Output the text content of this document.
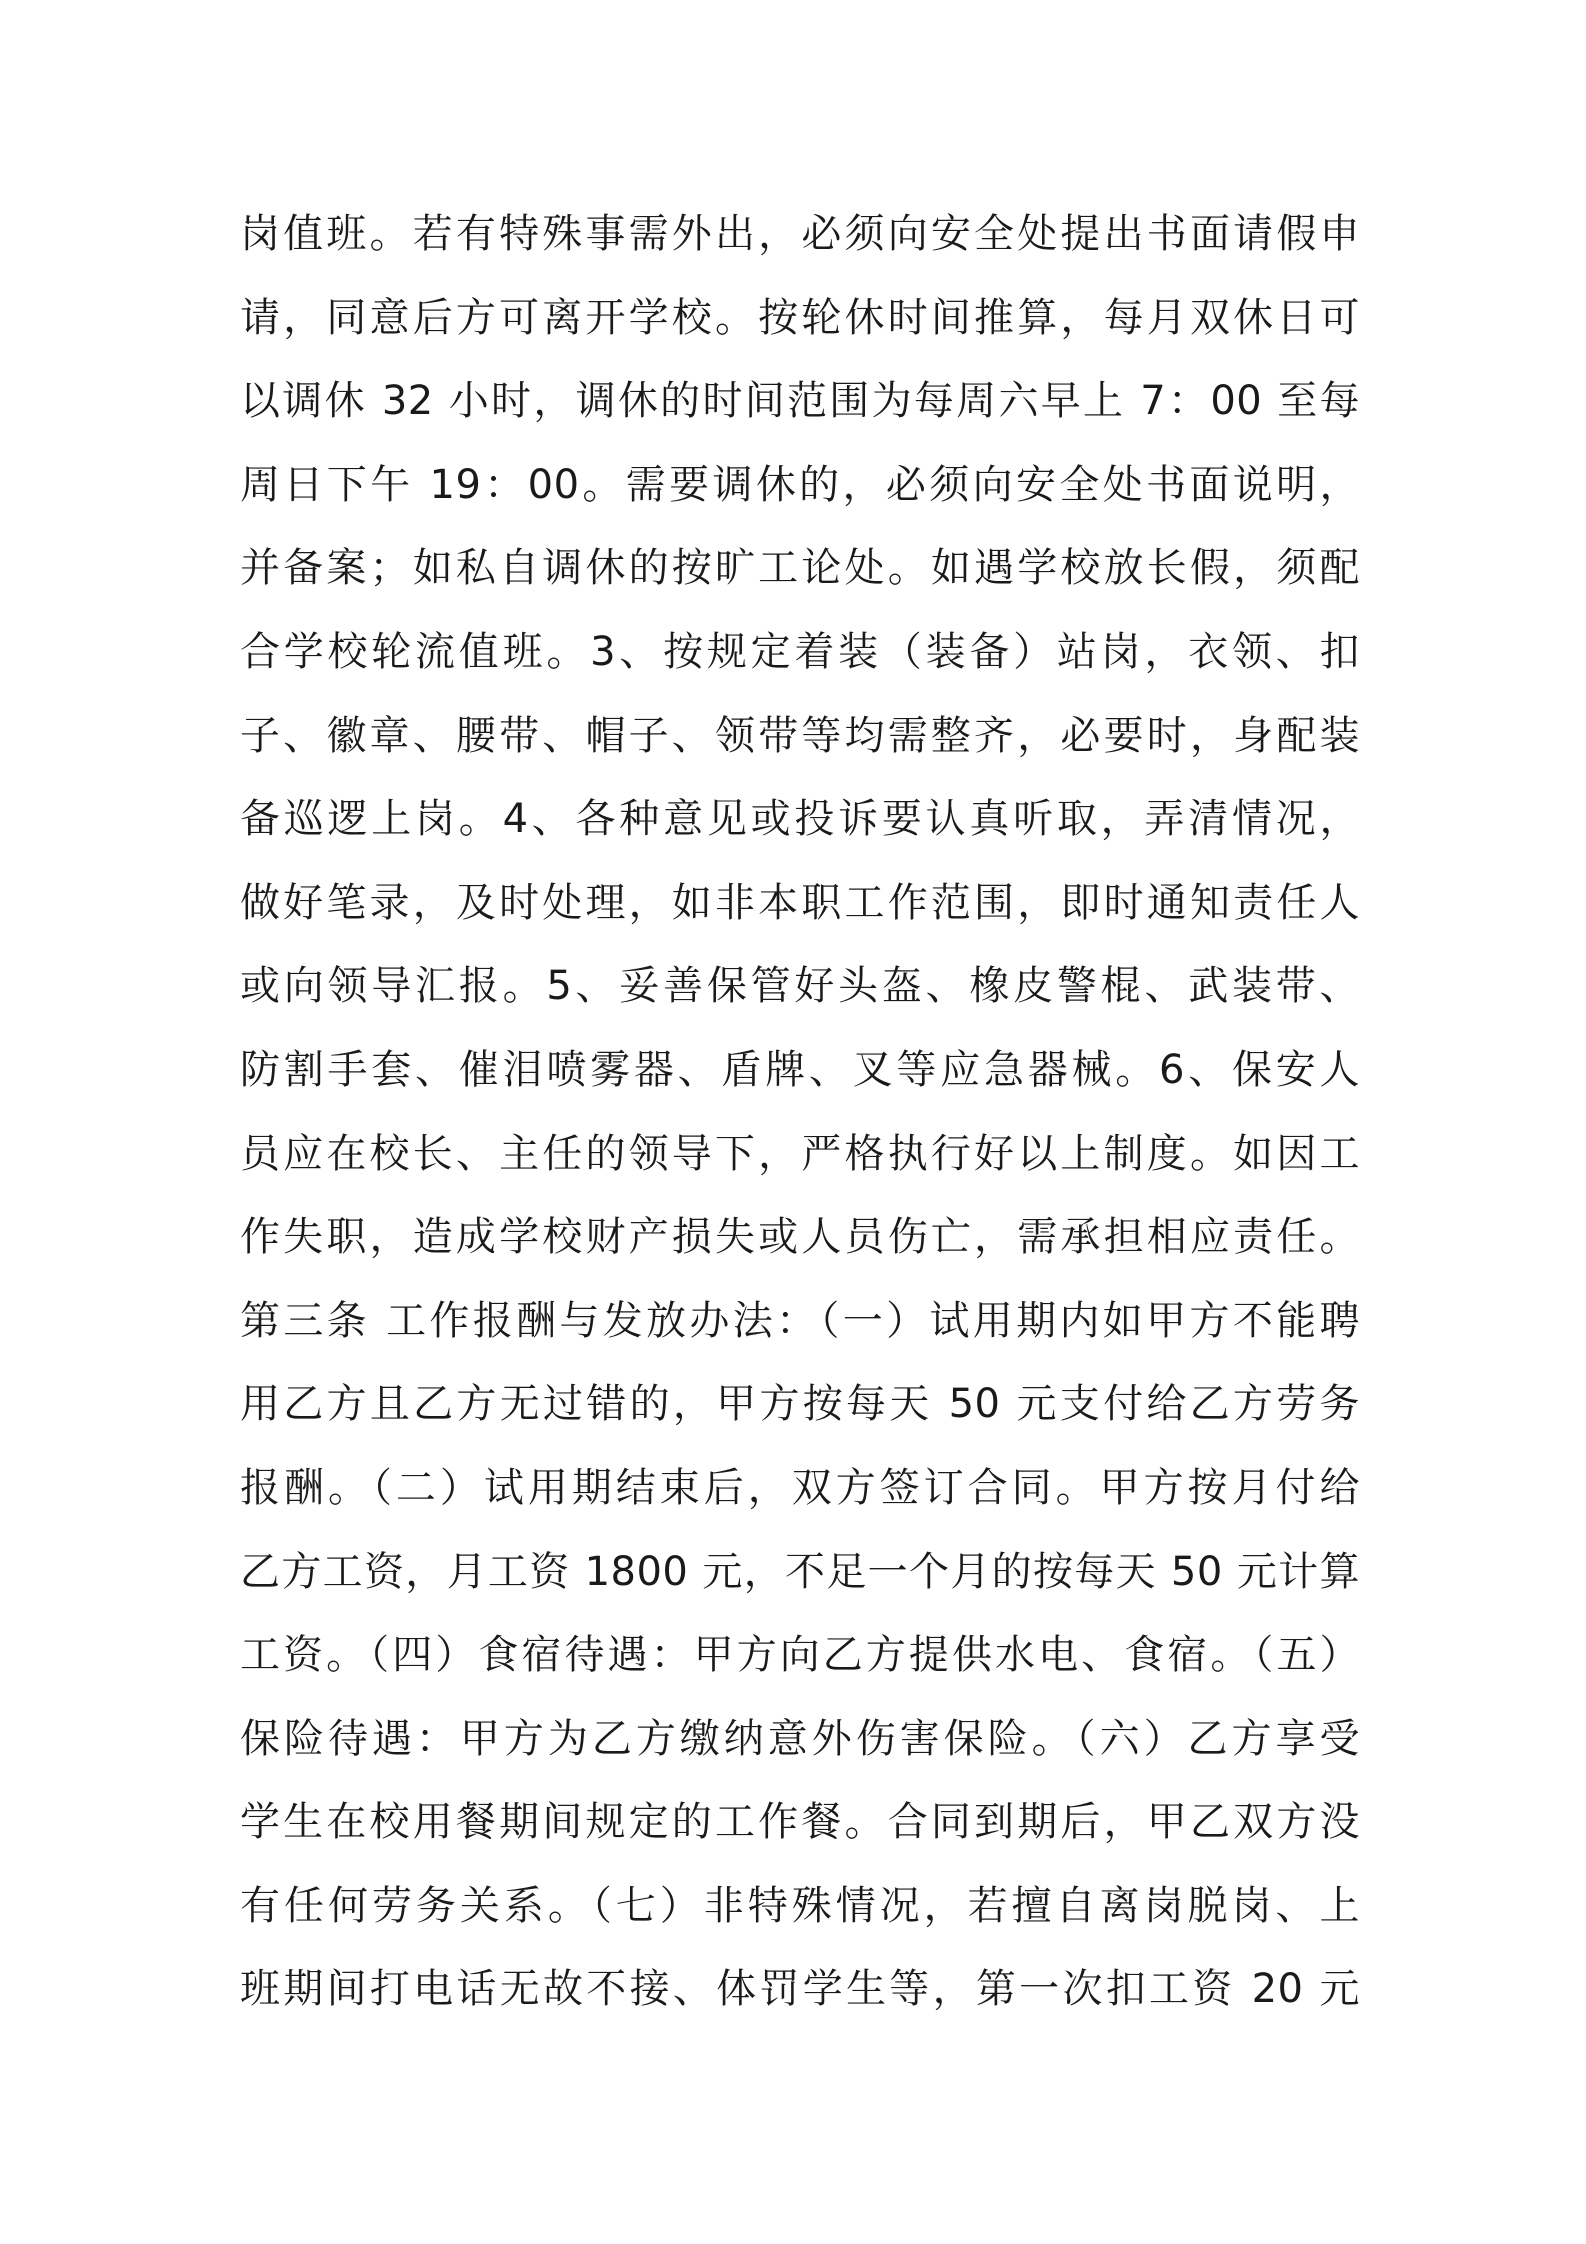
岗值班。若有特殊事需外出，必须向安全处提出书面请假申
请，同意后方可离开学校。按轮休时间推算，每月双休日可
以调休 32 小时，调休的时间范围为每周六早上 7：00 至每
周日下午 19：00。需要调休的，必须向安全处书面说明，
并备案；如私自调休的按旷工论处。如遇学校放长假，须配
合学校轮流值班。3、按规定着装（装备）站岗，衣领、扣
子、徽章、腰带、帽子、领带等均需整齐，必要时，身配装
备巡逻上岗。4、各种意见或投诉要认真听取，弄清情况，
做好笔录，及时处理，如非本职工作范围，即时通知责任人
或向领导汇报。5、妥善保管好头盔、橡皮警棍、武装带、
防割手套、催泪喷雾器、盾牌、叉等应急器械。6、保安人
员应在校长、主任的领导下，严格执行好以上制度。如因工
作失职，造成学校财产损失或人员伤亡，需承担相应责任。
第三条 工作报酬与发放办法：（一）试用期内如甲方不能聘
用乙方且乙方无过错的，甲方按每天 50 元支付给乙方劳务
报酬。（二）试用期结束后，双方签订合同。甲方按月付给
乙方工资，月工资 1800 元，不足一个月的按每天 50 元计算
工资。（四）食宿待遇：甲方向乙方提供水电、食宿。（五）
保险待遇：甲方为乙方缴纳意外伤害保险。（六）乙方享受
学生在校用餐期间规定的工作餐。合同到期后，甲乙双方没
有任何劳务关系。（七）非特殊情况，若擅自离岗脱岗、上
班期间打电话无故不接、体罚学生等，第一次扣工资 20 元
